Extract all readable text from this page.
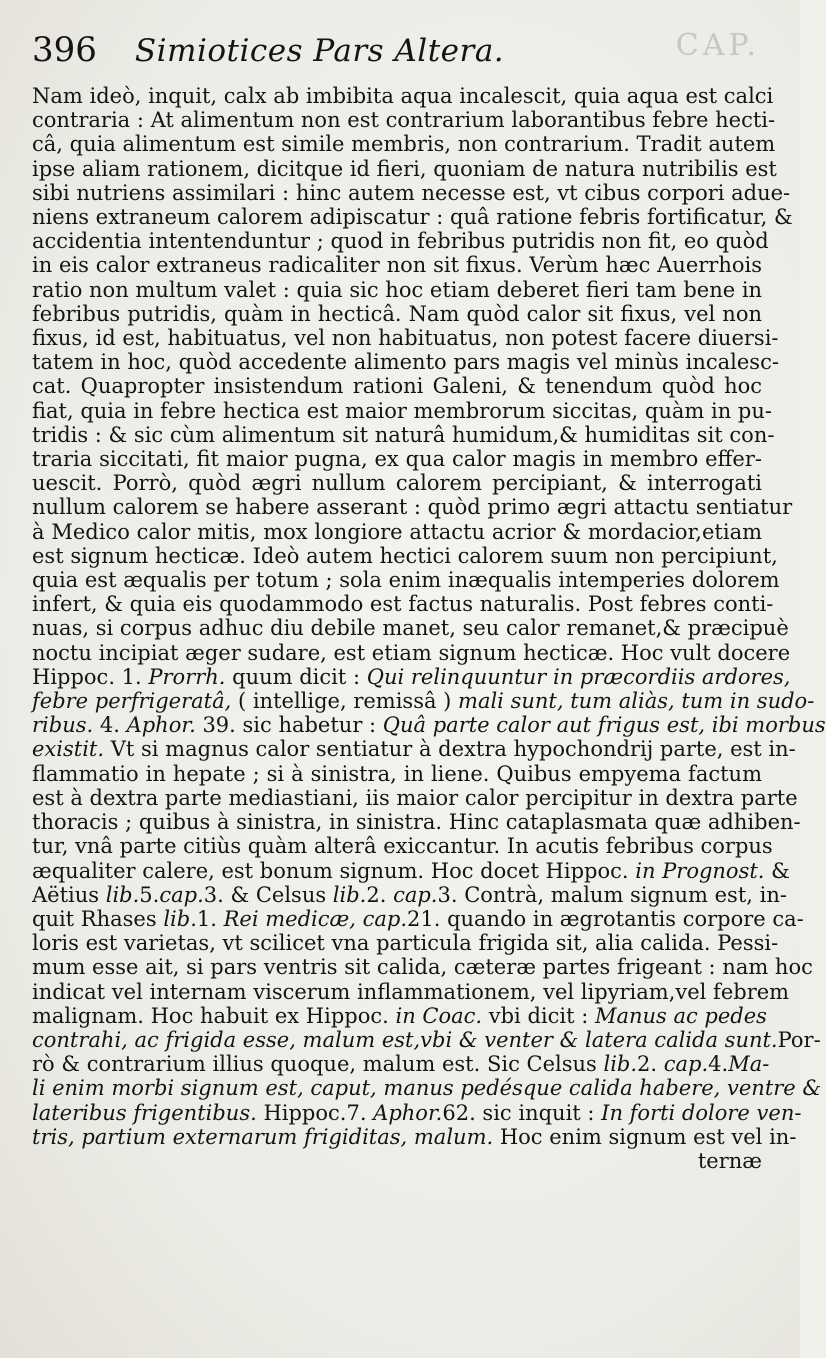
CAP.
396 Simiotices Pars Altera.
Nam ideò, inquit, calx ab imbibita aqua incalescit, quia aqua est calci
contraria : At alimentum non est contrarium laborantibus febre hecti-
câ, quia alimentum est simile membris, non contrarium. Tradit autem
ipse aliam rationem, dicitque id fieri, quoniam de natura nutribilis est
sibi nutriens assimilari : hinc autem necesse est, vt cibus corpori adue-
niens extraneum calorem adipiscatur : quâ ratione febris fortificatur, &
accidentia intentenduntur ; quod in febribus putridis non fit, eo quòd
in eis calor extraneus radicaliter non sit fixus. Verùm hæc Auerrhois
ratio non multum valet : quia sic hoc etiam deberet fieri tam bene in
febribus putridis, quàm in hecticâ. Nam quòd calor sit fixus, vel non
fixus, id est, habituatus, vel non habituatus, non potest facere diuersi-
tatem in hoc, quòd accedente alimento pars magis vel minùs incalesc-
cat. Quapropter insistendum rationi Galeni, & tenendum quòd hoc
fiat, quia in febre hectica est maior membrorum siccitas, quàm in pu-
tridis : & sic cùm alimentum sit naturâ humidum,& humiditas sit con-
traria siccitati, fit maior pugna, ex qua calor magis in membro effer-
uescit. Porrò, quòd ægri nullum calorem percipiant, & interrogati
nullum calorem se habere asserant : quòd primo ægri attactu sentiatur
à Medico calor mitis, mox longiore attactu acrior & mordacior,etiam
est signum hecticæ. Ideò autem hectici calorem suum non percipiunt,
quia est æqualis per totum ; sola enim inæqualis intemperies dolorem
infert, & quia eis quodammodo est factus naturalis. Post febres conti-
nuas, si corpus adhuc diu debile manet, seu calor remanet,& præcipuè
noctu incipiat æger sudare, est etiam signum hecticæ. Hoc vult docere
Hippoc. 1. Prorrh. quum dicit : Qui relinquuntur in præcordiis ardores,
febre perfrigeratâ, ( intellige, remissâ ) mali sunt, tum aliàs, tum in sudo-
ribus. 4. Aphor. 39. sic habetur : Quâ parte calor aut frigus est, ibi morbus
existit. Vt si magnus calor sentiatur à dextra hypochondrij parte, est in-
flammatio in hepate ; si à sinistra, in liene. Quibus empyema factum
est à dextra parte mediastiani, iis maior calor percipitur in dextra parte
thoracis ; quibus à sinistra, in sinistra. Hinc cataplasmata quæ adhiben-
tur, vnâ parte citiùs quàm alterâ exiccantur. In acutis febribus corpus
æqualiter calere, est bonum signum. Hoc docet Hippoc. in Prognost. &
Aëtius lib.5.cap.3. & Celsus lib.2. cap.3. Contrà, malum signum est, in-
quit Rhases lib.1. Rei medicæ, cap.21. quando in ægrotantis corpore ca-
loris est varietas, vt scilicet vna particula frigida sit, alia calida. Pessi-
mum esse ait, si pars ventris sit calida, cæteræ partes frigeant : nam hoc
indicat vel internam viscerum inflammationem, vel lipyriam,vel febrem
malignam. Hoc habuit ex Hippoc. in Coac. vbi dicit : Manus ac pedes
contrahi, ac frigida esse, malum est,vbi & venter & latera calida sunt.Por-
rò & contrarium illius quoque, malum est. Sic Celsus lib.2. cap.4.Ma-
li enim morbi signum est, caput, manus pedésque calida habere, ventre &
lateribus frigentibus. Hippoc.7. Aphor.62. sic inquit : In forti dolore ven-
tris, partium externarum frigiditas, malum. Hoc enim signum est vel in-
ternæ
